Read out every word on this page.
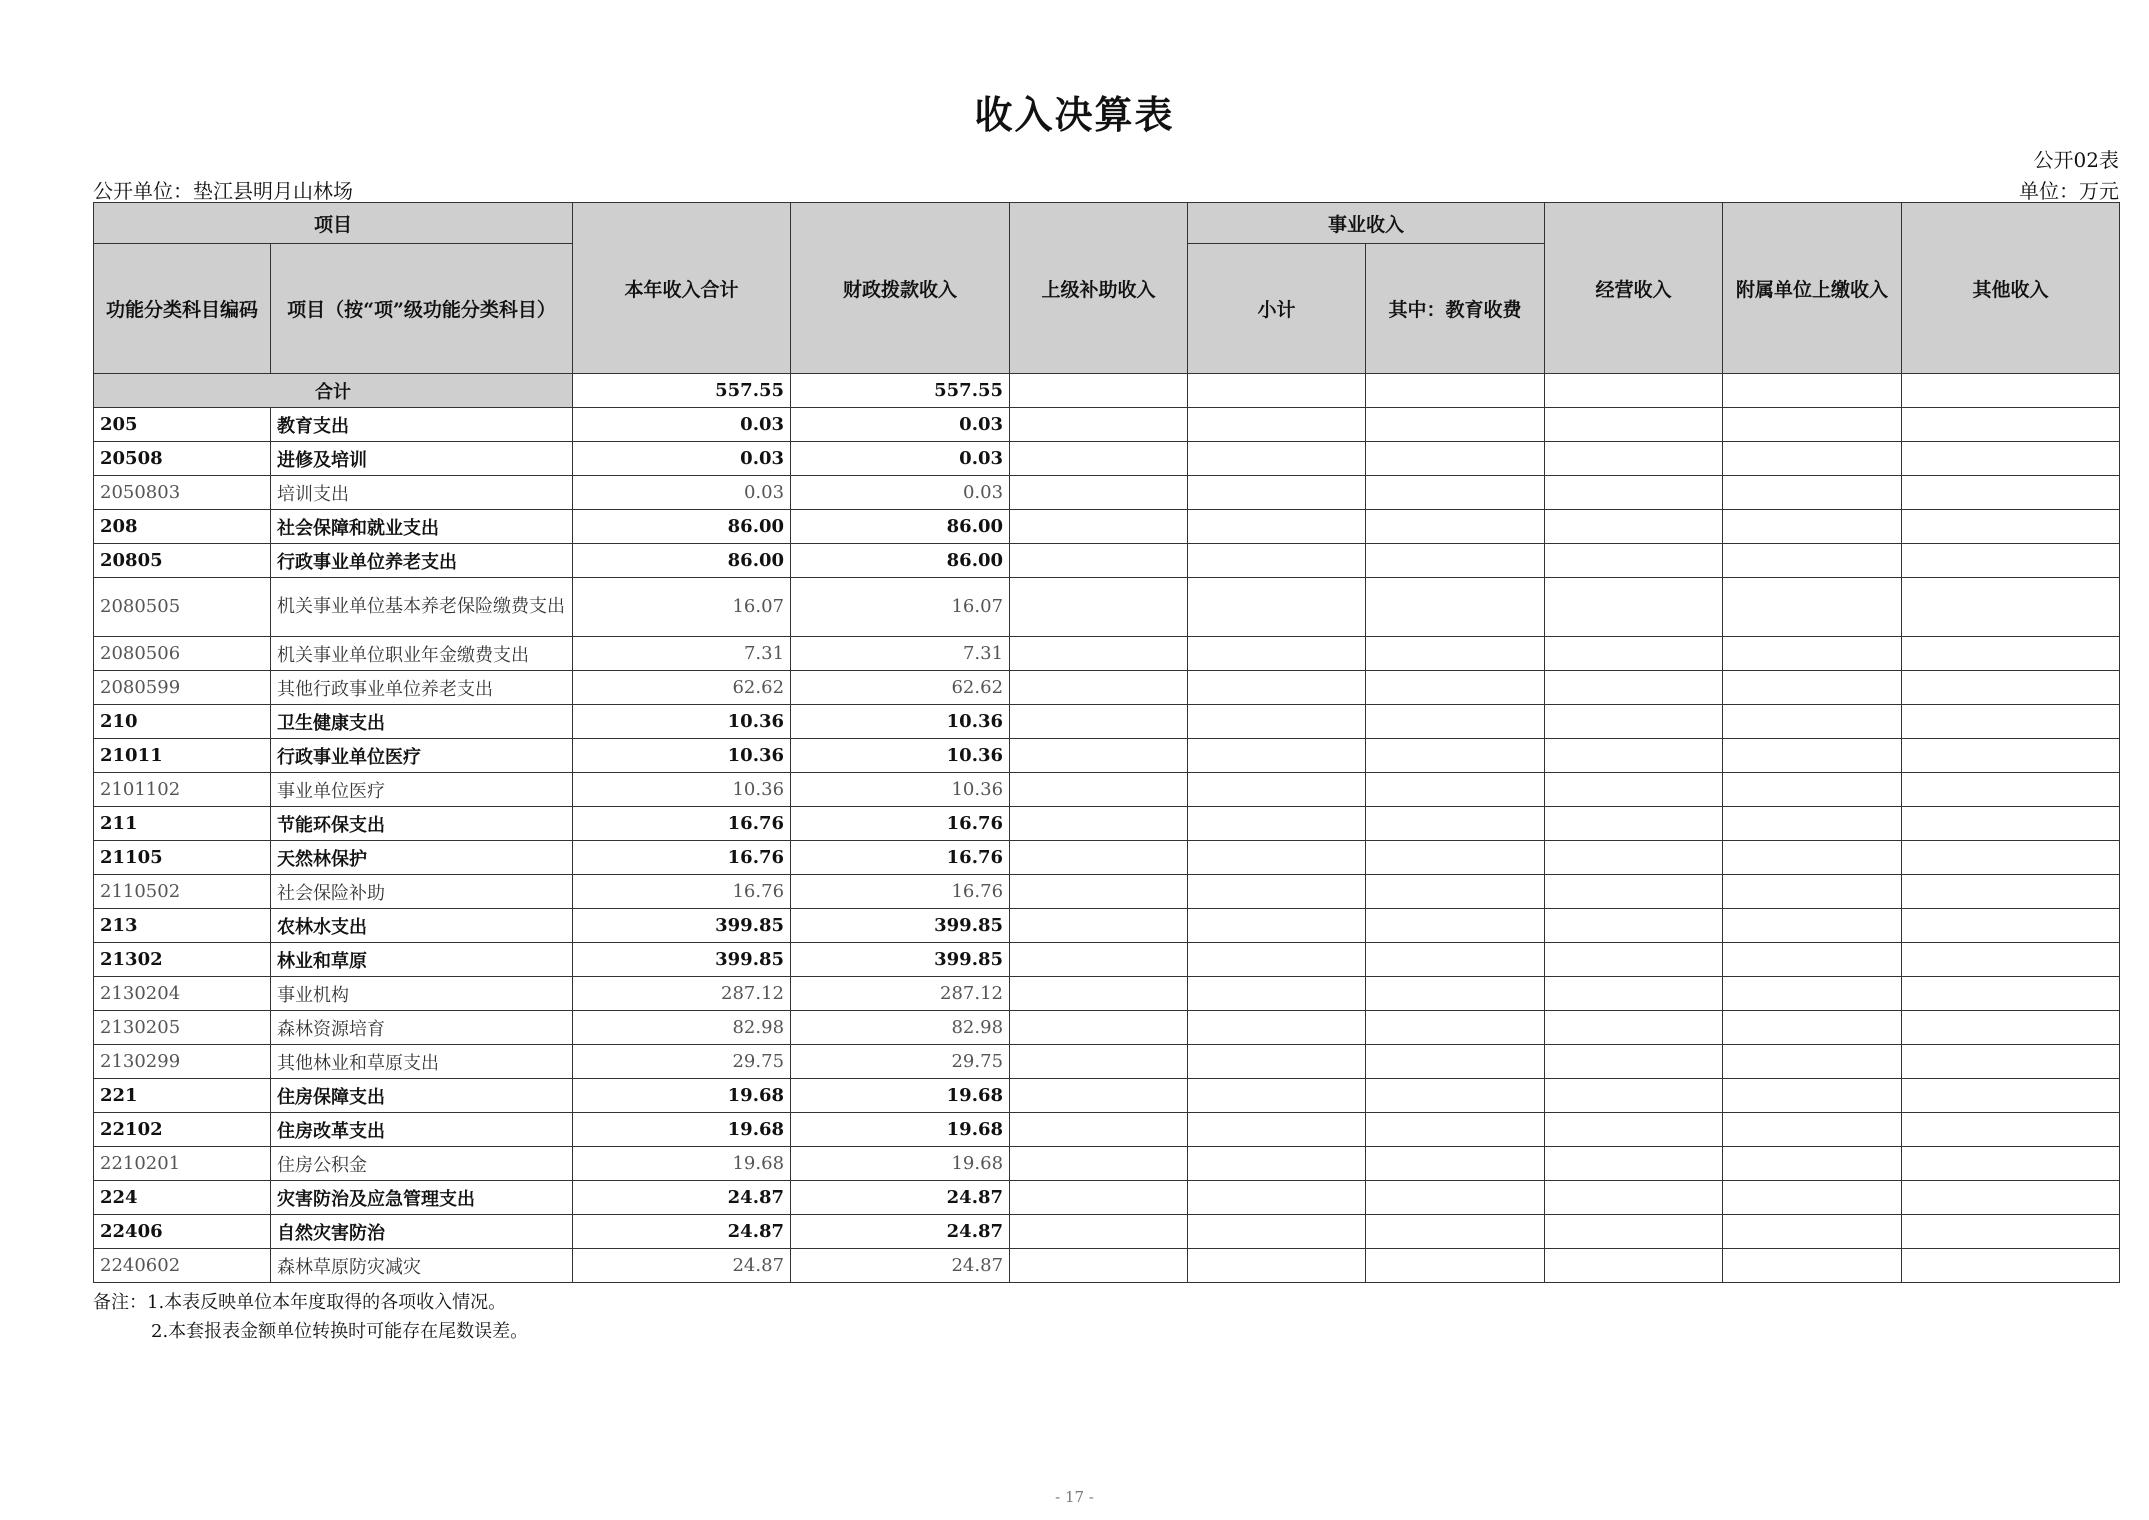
收入决算表
公开02表
公开单位：垫江县明月山林场	单位：万元
项目		本年收入合计	财政拨款收入	上级补助收入	事业收入		经营收入	附属单位上缴收入	其他收入
功能分类科目编码	项目（按“项”级功能分类科目）				小计	其中：教育收费			
合计		557.55	557.55						
205	教育支出	0.03	0.03						
20508	进修及培训	0.03	0.03						
2050803	培训支出	0.03	0.03						
208	社会保障和就业支出	86.00	86.00						
20805	行政事业单位养老支出	86.00	86.00						
2080505	机关事业单位基本养老保险缴费支出	16.07	16.07						
2080506	机关事业单位职业年金缴费支出	7.31	7.31						
2080599	其他行政事业单位养老支出	62.62	62.62						
210	卫生健康支出	10.36	10.36						
21011	行政事业单位医疗	10.36	10.36						
2101102	事业单位医疗	10.36	10.36						
211	节能环保支出	16.76	16.76						
21105	天然林保护	16.76	16.76						
2110502	社会保险补助	16.76	16.76						
213	农林水支出	399.85	399.85						
21302	林业和草原	399.85	399.85						
2130204	事业机构	287.12	287.12						
2130205	森林资源培育	82.98	82.98						
2130299	其他林业和草原支出	29.75	29.75						
221	住房保障支出	19.68	19.68						
22102	住房改革支出	19.68	19.68						
2210201	住房公积金	19.68	19.68						
224	灾害防治及应急管理支出	24.87	24.87						
22406	自然灾害防治	24.87	24.87						
2240602	森林草原防灾减灾	24.87	24.87						
备注：1.本表反映单位本年度取得的各项收入情况。
2.本套报表金额单位转换时可能存在尾数误差。
- 17 -
